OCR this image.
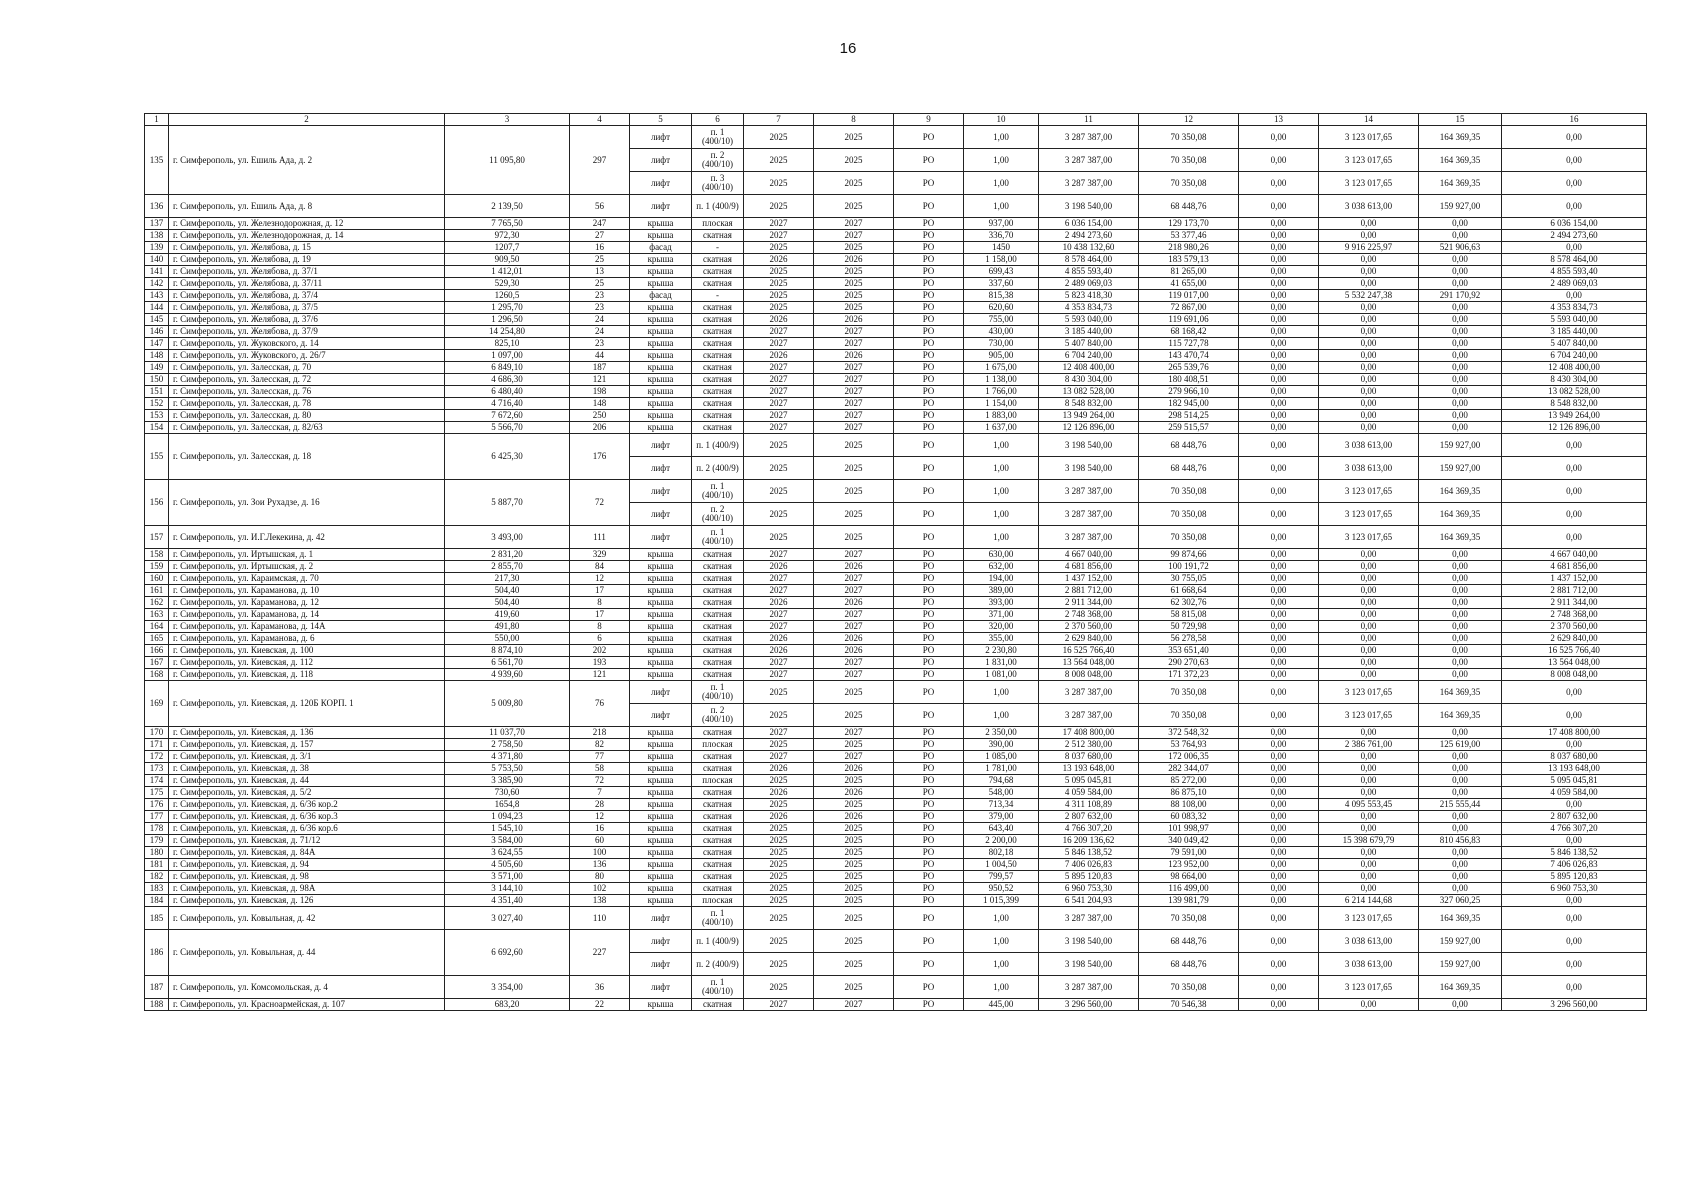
16
1	2	3	4	5	6	7	8	9	10	11	12	13	14	15	16
135	г. Симферополь, ул. Ешиль Ада, д. 2	11 095,80	297	лифт	п. 1 (400/10)	2025	2025	РО	1,00	3 287 387,00	70 350,08	0,00	3 123 017,65	164 369,35	0,00
				лифт	п. 2 (400/10)	2025	2025	РО	1,00	3 287 387,00	70 350,08	0,00	3 123 017,65	164 369,35	0,00
				лифт	п. 3 (400/10)	2025	2025	РО	1,00	3 287 387,00	70 350,08	0,00	3 123 017,65	164 369,35	0,00
136	г. Симферополь, ул. Ешиль Ада, д. 8	2 139,50	56	лифт	п. 1 (400/9)	2025	2025	РО	1,00	3 198 540,00	68 448,76	0,00	3 038 613,00	159 927,00	0,00
137	г. Симферополь, ул. Железнодорожная, д. 12	7 765,50	247	крыша	плоская	2027	2027	РО	937,00	6 036 154,00	129 173,70	0,00	0,00	0,00	6 036 154,00
138	г. Симферополь, ул. Железнодорожная, д. 14	972,30	27	крыша	скатная	2027	2027	РО	336,70	2 494 273,60	53 377,46	0,00	0,00	0,00	2 494 273,60
139	г. Симферополь, ул. Желябова, д. 15	1207,7	16	фасад	-	2025	2025	РО	1450	10 438 132,60	218 980,26	0,00	9 916 225,97	521 906,63	0,00
140	г. Симферополь, ул. Желябова, д. 19	909,50	25	крыша	скатная	2026	2026	РО	1 158,00	8 578 464,00	183 579,13	0,00	0,00	0,00	8 578 464,00
141	г. Симферополь, ул. Желябова, д. 37/1	1 412,01	13	крыша	скатная	2025	2025	РО	699,43	4 855 593,40	81 265,00	0,00	0,00	0,00	4 855 593,40
142	г. Симферополь, ул. Желябова, д. 37/11	529,30	25	крыша	скатная	2025	2025	РО	337,60	2 489 069,03	41 655,00	0,00	0,00	0,00	2 489 069,03
143	г. Симферополь, ул. Желябова, д. 37/4	1260,5	23	фасад	-	2025	2025	РО	815,38	5 823 418,30	119 017,00	0,00	5 532 247,38	291 170,92	0,00
144	г. Симферополь, ул. Желябова, д. 37/5	1 295,70	23	крыша	скатная	2025	2025	РО	620,60	4 353 834,73	72 867,00	0,00	0,00	0,00	4 353 834,73
145	г. Симферополь, ул. Желябова, д. 37/6	1 296,50	24	крыша	скатная	2026	2026	РО	755,00	5 593 040,00	119 691,06	0,00	0,00	0,00	5 593 040,00
146	г. Симферополь, ул. Желябова, д. 37/9	14 254,80	24	крыша	скатная	2027	2027	РО	430,00	3 185 440,00	68 168,42	0,00	0,00	0,00	3 185 440,00
147	г. Симферополь, ул. Жуковского, д. 14	825,10	23	крыша	скатная	2027	2027	РО	730,00	5 407 840,00	115 727,78	0,00	0,00	0,00	5 407 840,00
148	г. Симферополь, ул. Жуковского, д. 26/7	1 097,00	44	крыша	скатная	2026	2026	РО	905,00	6 704 240,00	143 470,74	0,00	0,00	0,00	6 704 240,00
149	г. Симферополь, ул. Залесская, д. 70	6 849,10	187	крыша	скатная	2027	2027	РО	1 675,00	12 408 400,00	265 539,76	0,00	0,00	0,00	12 408 400,00
150	г. Симферополь, ул. Залесская, д. 72	4 686,30	121	крыша	скатная	2027	2027	РО	1 138,00	8 430 304,00	180 408,51	0,00	0,00	0,00	8 430 304,00
151	г. Симферополь, ул. Залесская, д. 76	6 480,40	198	крыша	скатная	2027	2027	РО	1 766,00	13 082 528,00	279 966,10	0,00	0,00	0,00	13 082 528,00
152	г. Симферополь, ул. Залесская, д. 78	4 716,40	148	крыша	скатная	2027	2027	РО	1 154,00	8 548 832,00	182 945,00	0,00	0,00	0,00	8 548 832,00
153	г. Симферополь, ул. Залесская, д. 80	7 672,60	250	крыша	скатная	2027	2027	РО	1 883,00	13 949 264,00	298 514,25	0,00	0,00	0,00	13 949 264,00
154	г. Симферополь, ул. Залесская, д. 82/63	5 566,70	206	крыша	скатная	2027	2027	РО	1 637,00	12 126 896,00	259 515,57	0,00	0,00	0,00	12 126 896,00
155	г. Симферополь, ул. Залесская, д. 18	6 425,30	176	лифт	п. 1 (400/9)	2025	2025	РО	1,00	3 198 540,00	68 448,76	0,00	3 038 613,00	159 927,00	0,00
				лифт	п. 2 (400/9)	2025	2025	РО	1,00	3 198 540,00	68 448,76	0,00	3 038 613,00	159 927,00	0,00
156	г. Симферополь, ул. Зои Рухадзе, д. 16	5 887,70	72	лифт	п. 1 (400/10)	2025	2025	РО	1,00	3 287 387,00	70 350,08	0,00	3 123 017,65	164 369,35	0,00
				лифт	п. 2 (400/10)	2025	2025	РО	1,00	3 287 387,00	70 350,08	0,00	3 123 017,65	164 369,35	0,00
157	г. Симферополь, ул. И.Г.Лекекина, д. 42	3 493,00	111	лифт	п. 1 (400/10)	2025	2025	РО	1,00	3 287 387,00	70 350,08	0,00	3 123 017,65	164 369,35	0,00
158	г. Симферополь, ул. Иртышская, д. 1	2 831,20	329	крыша	скатная	2027	2027	РО	630,00	4 667 040,00	99 874,66	0,00	0,00	0,00	4 667 040,00
159	г. Симферополь, ул. Иртышская, д. 2	2 855,70	84	крыша	скатная	2026	2026	РО	632,00	4 681 856,00	100 191,72	0,00	0,00	0,00	4 681 856,00
160	г. Симферополь, ул. Караимская, д. 70	217,30	12	крыша	скатная	2027	2027	РО	194,00	1 437 152,00	30 755,05	0,00	0,00	0,00	1 437 152,00
161	г. Симферополь, ул. Карамановa, д. 10	504,40	17	крыша	скатная	2027	2027	РО	389,00	2 881 712,00	61 668,64	0,00	0,00	0,00	2 881 712,00
162	г. Симферополь, ул. Карамановa, д. 12	504,40	8	крыша	скатная	2026	2026	РО	393,00	2 911 344,00	62 302,76	0,00	0,00	0,00	2 911 344,00
163	г. Симферополь, ул. Карамановa, д. 14	419,60	17	крыша	скатная	2027	2027	РО	371,00	2 748 368,00	58 815,08	0,00	0,00	0,00	2 748 368,00
164	г. Симферополь, ул. Карамановa, д. 14А	491,80	8	крыша	скатная	2027	2027	РО	320,00	2 370 560,00	50 729,98	0,00	0,00	0,00	2 370 560,00
165	г. Симферополь, ул. Карамановa, д. 6	550,00	6	крыша	скатная	2026	2026	РО	355,00	2 629 840,00	56 278,58	0,00	0,00	0,00	2 629 840,00
166	г. Симферополь, ул. Киевская, д. 100	8 874,10	202	крыша	скатная	2026	2026	РО	2 230,80	16 525 766,40	353 651,40	0,00	0,00	0,00	16 525 766,40
167	г. Симферополь, ул. Киевская, д. 112	6 561,70	193	крыша	скатная	2027	2027	РО	1 831,00	13 564 048,00	290 270,63	0,00	0,00	0,00	13 564 048,00
168	г. Симферополь, ул. Киевская, д. 118	4 939,60	121	крыша	скатная	2027	2027	РО	1 081,00	8 008 048,00	171 372,23	0,00	0,00	0,00	8 008 048,00
169	г. Симферополь, ул. Киевская, д. 120Б КОРП. 1	5 009,80	76	лифт	п. 1 (400/10)	2025	2025	РО	1,00	3 287 387,00	70 350,08	0,00	3 123 017,65	164 369,35	0,00
				лифт	п. 2 (400/10)	2025	2025	РО	1,00	3 287 387,00	70 350,08	0,00	3 123 017,65	164 369,35	0,00
170	г. Симферополь, ул. Киевская, д. 136	11 037,70	218	крыша	скатная	2027	2027	РО	2 350,00	17 408 800,00	372 548,32	0,00	0,00	0,00	17 408 800,00
171	г. Симферополь, ул. Киевская, д. 157	2 758,50	82	крыша	плоская	2025	2025	РО	390,00	2 512 380,00	53 764,93	0,00	2 386 761,00	125 619,00	0,00
172	г. Симферополь, ул. Киевская, д. 3/1	4 371,80	77	крыша	скатная	2027	2027	РО	1 085,00	8 037 680,00	172 006,35	0,00	0,00	0,00	8 037 680,00
173	г. Симферополь, ул. Киевская, д. 38	5 753,50	58	крыша	скатная	2026	2026	РО	1 781,00	13 193 648,00	282 344,07	0,00	0,00	0,00	13 193 648,00
174	г. Симферополь, ул. Киевская, д. 44	3 385,90	72	крыша	плоская	2025	2025	РО	794,68	5 095 045,81	85 272,00	0,00	0,00	0,00	5 095 045,81
175	г. Симферополь, ул. Киевская, д. 5/2	730,60	7	крыша	скатная	2026	2026	РО	548,00	4 059 584,00	86 875,10	0,00	0,00	0,00	4 059 584,00
176	г. Симферополь, ул. Киевская, д. 6/36 кор.2	1654,8	28	крыша	скатная	2025	2025	РО	713,34	4 311 108,89	88 108,00	0,00	4 095 553,45	215 555,44	0,00
177	г. Симферополь, ул. Киевская, д. 6/36 кор.3	1 094,23	12	крыша	скатная	2026	2026	РО	379,00	2 807 632,00	60 083,32	0,00	0,00	0,00	2 807 632,00
178	г. Симферополь, ул. Киевская, д. 6/36 кор.6	1 545,10	16	крыша	скатная	2025	2025	РО	643,40	4 766 307,20	101 998,97	0,00	0,00	0,00	4 766 307,20
179	г. Симферополь, ул. Киевская, д. 71/12	3 584,00	60	крыша	скатная	2025	2025	РО	2 200,00	16 209 136,62	340 049,42	0,00	15 398 679,79	810 456,83	0,00
180	г. Симферополь, ул. Киевская, д. 84А	3 624,55	100	крыша	скатная	2025	2025	РО	802,18	5 846 138,52	79 591,00	0,00	0,00	0,00	5 846 138,52
181	г. Симферополь, ул. Киевская, д. 94	4 505,60	136	крыша	скатная	2025	2025	РО	1 004,50	7 406 026,83	123 952,00	0,00	0,00	0,00	7 406 026,83
182	г. Симферополь, ул. Киевская, д. 98	3 571,00	80	крыша	скатная	2025	2025	РО	799,57	5 895 120,83	98 664,00	0,00	0,00	0,00	5 895 120,83
183	г. Симферополь, ул. Киевская, д. 98А	3 144,10	102	крыша	скатная	2025	2025	РО	950,52	6 960 753,30	116 499,00	0,00	0,00	0,00	6 960 753,30
184	г. Симферополь, ул. Киевская, д. 126	4 351,40	138	крыша	плоская	2025	2025	РО	1 015,399	6 541 204,93	139 981,79	0,00	6 214 144,68	327 060,25	0,00
185	г. Симферополь, ул. Ковыльная, д. 42	3 027,40	110	лифт	п. 1 (400/10)	2025	2025	РО	1,00	3 287 387,00	70 350,08	0,00	3 123 017,65	164 369,35	0,00
186	г. Симферополь, ул. Ковыльная, д. 44	6 692,60	227	лифт	п. 1 (400/9)	2025	2025	РО	1,00	3 198 540,00	68 448,76	0,00	3 038 613,00	159 927,00	0,00
				лифт	п. 2 (400/9)	2025	2025	РО	1,00	3 198 540,00	68 448,76	0,00	3 038 613,00	159 927,00	0,00
187	г. Симферополь, ул. Комсомольская, д. 4	3 354,00	36	лифт	п. 1 (400/10)	2025	2025	РО	1,00	3 287 387,00	70 350,08	0,00	3 123 017,65	164 369,35	0,00
188	г. Симферополь, ул. Красноармейская, д. 107	683,20	22	крыша	скатная	2027	2027	РО	445,00	3 296 560,00	70 546,38	0,00	0,00	0,00	3 296 560,00
